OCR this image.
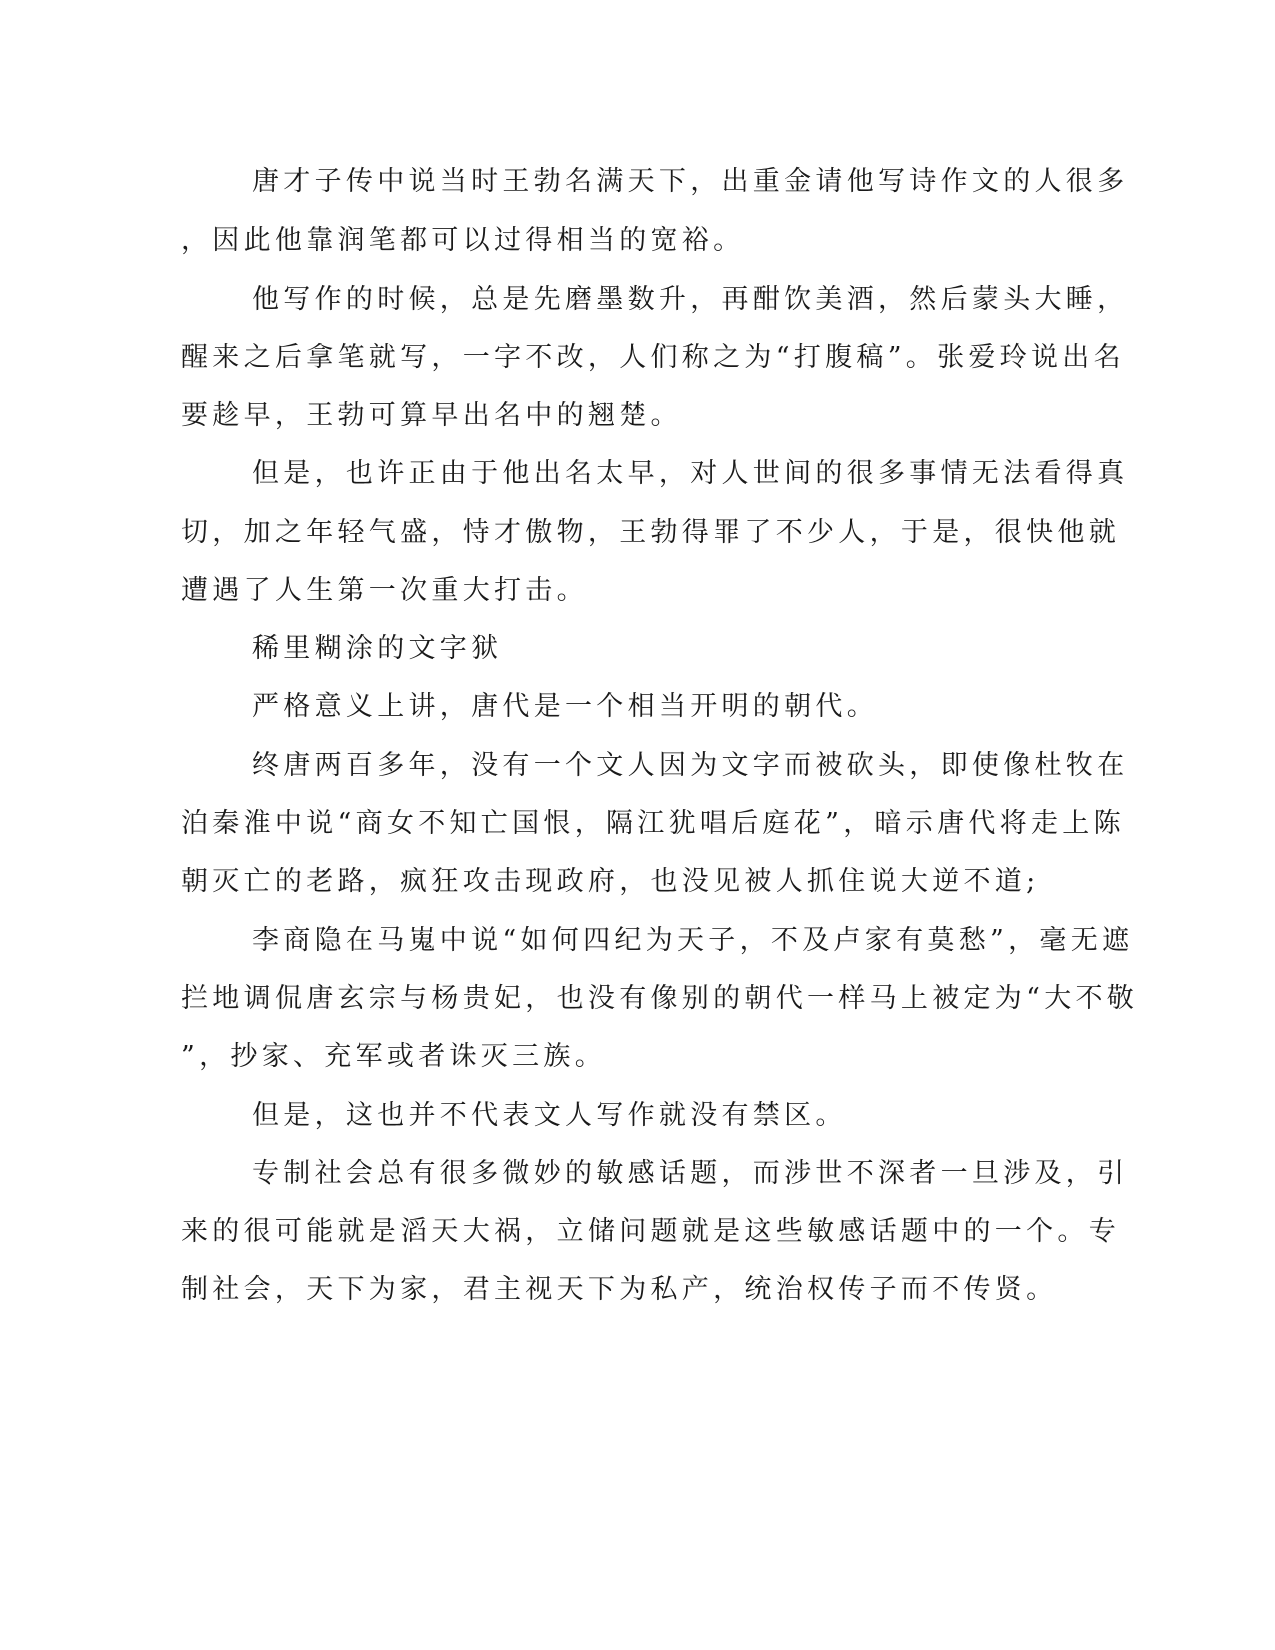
唐才子传中说当时王勃名满天下，出重金请他写诗作文的人很多
，因此他靠润笔都可以过得相当的宽裕。
他写作的时候，总是先磨墨数升，再酣饮美酒，然后蒙头大睡，
醒来之后拿笔就写，一字不改，人们称之为“打腹稿”。张爱玲说出名
要趁早，王勃可算早出名中的翘楚。
但是，也许正由于他出名太早，对人世间的很多事情无法看得真
切，加之年轻气盛，恃才傲物，王勃得罪了不少人，于是，很快他就
遭遇了人生第一次重大打击。
稀里糊涂的文字狱
严格意义上讲，唐代是一个相当开明的朝代。
终唐两百多年，没有一个文人因为文字而被砍头，即使像杜牧在
泊秦淮中说“商女不知亡国恨，隔江犹唱后庭花”，暗示唐代将走上陈
朝灭亡的老路，疯狂攻击现政府，也没见被人抓住说大逆不道;
李商隐在马嵬中说“如何四纪为天子，不及卢家有莫愁”，毫无遮
拦地调侃唐玄宗与杨贵妃，也没有像别的朝代一样马上被定为“大不敬
”，抄家、充军或者诛灭三族。
但是，这也并不代表文人写作就没有禁区。
专制社会总有很多微妙的敏感话题，而涉世不深者一旦涉及，引
来的很可能就是滔天大祸，立储问题就是这些敏感话题中的一个。专
制社会，天下为家，君主视天下为私产，统治权传子而不传贤。
